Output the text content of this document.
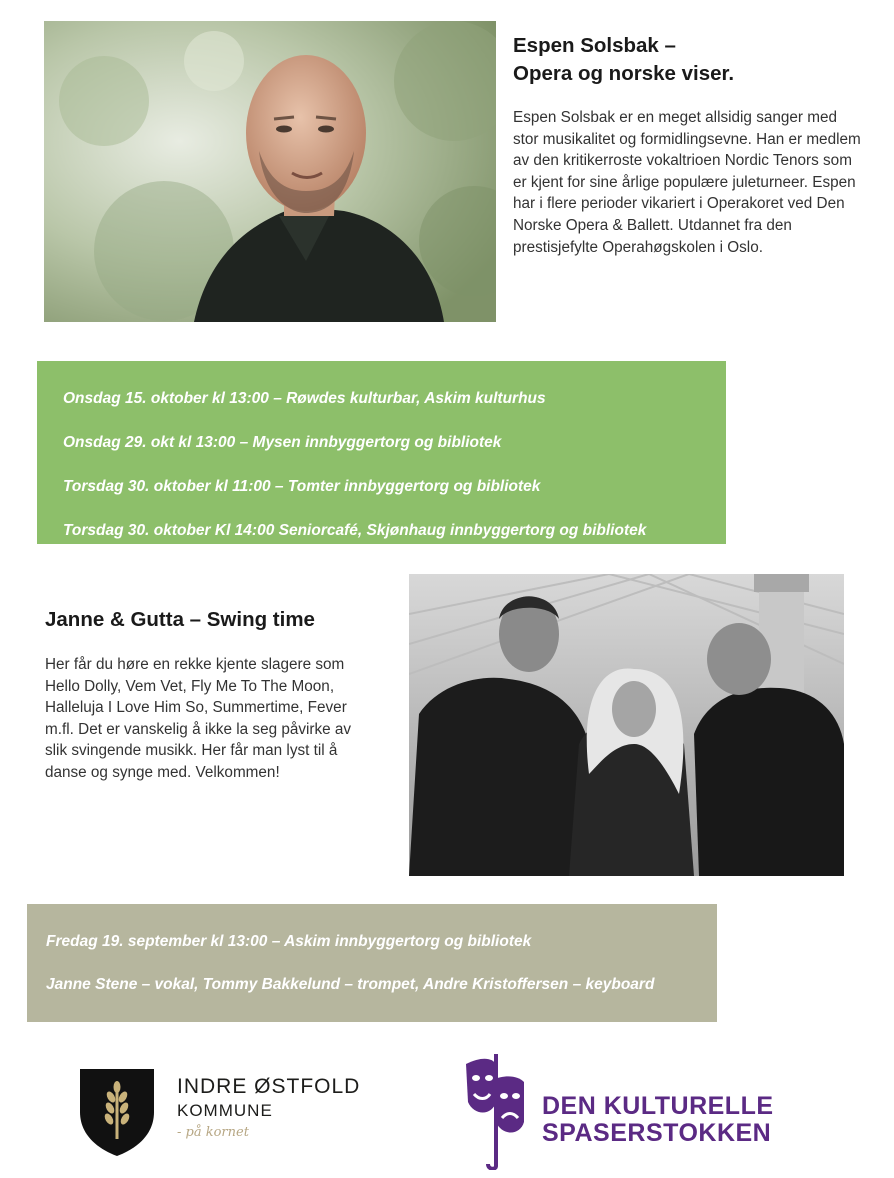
Espen Solsbak –
Opera og norske viser.

Espen Solsbak er en meget allsidig sanger med stor musikalitet og formidlingsevne. Han er medlem av den kritikerroste vokaltrioen Nordic Tenors som er kjent for sine årlige populære juleturneer. Espen har i flere perioder vikariert i Operakoret ved Den Norske Opera & Ballett. Utdannet fra den prestisjefylte Operahøgskolen i Oslo.

Onsdag 15. oktober kl 13:00 – Røwdes kulturbar, Askim kulturhus

Onsdag 29. okt kl 13:00 – Mysen innbyggertorg og bibliotek

Torsdag 30. oktober kl 11:00 – Tomter innbyggertorg og bibliotek

Torsdag 30. oktober Kl 14:00 Seniorcafé, Skjønhaug innbyggertorg og bibliotek

Janne & Gutta – Swing time

Her får du høre en rekke kjente slagere som Hello Dolly, Vem Vet, Fly Me To The Moon, Halleluja I Love Him So, Summertime, Fever m.fl. Det er vanskelig å ikke la seg påvirke av slik svingende musikk. Her får man lyst til å danse og synge med. Velkommen!

Fredag 19. september kl 13:00 – Askim innbyggertorg og bibliotek

Janne Stene – vokal, Tommy Bakkelund – trompet, Andre Kristoffersen – keyboard

INDRE ØSTFOLD
KOMMUNE
- på kornet
DEN KULTURELLE
SPASERSTOKKEN
